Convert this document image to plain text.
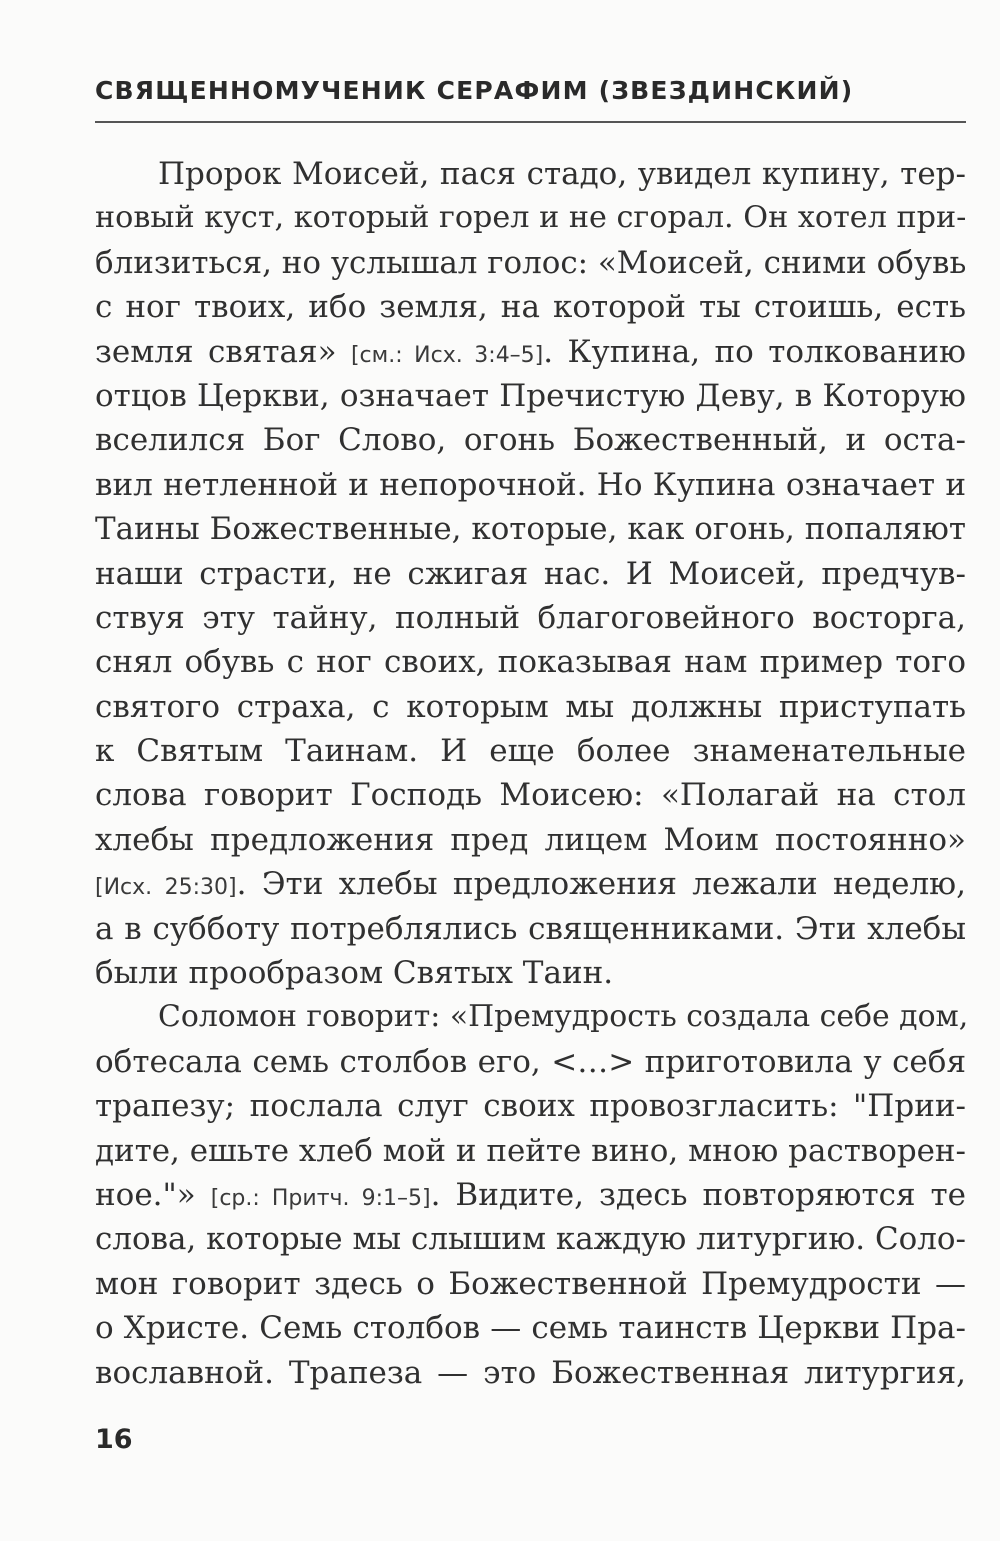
СВЯЩЕННОМУЧЕНИК СЕРАФИМ (ЗВЕЗДИНСКИЙ)
Пророк Моисей, пася стадо, увидел купину, тер-
новый куст, который горел и не сгорал. Он хотел при-
близиться, но услышал голос: «Моисей, сними обувь
с ног твоих, ибо земля, на которой ты стоишь, есть
земля святая» [см.: Исх. 3:4–5]. Купина, по толкованию
отцов Церкви, означает Пречистую Деву, в Которую
вселился Бог Слово, огонь Божественный, и оста-
вил нетленной и непорочной. Но Купина означает и
Таины Божественные, которые, как огонь, попаляют
наши страсти, не сжигая нас. И Моисей, предчув-
ствуя эту тайну, полный благоговейного восторга,
снял обувь с ног своих, показывая нам пример того
святого страха, с которым мы должны приступать
к Святым Таинам. И еще более знаменательные
слова говорит Господь Моисею: «Полагай на стол
хлебы предложения пред лицем Моим постоянно»
[Исх. 25:30]. Эти хлебы предложения лежали неделю,
а в субботу потреблялись священниками. Эти хлебы
были прообразом Святых Таин.
Соломон говорит: «Премудрость создала себе дом,
обтесала семь столбов его, <…> приготовила у себя
трапезу; послала слуг своих провозгласить: "Прии-
дите, ешьте хлеб мой и пейте вино, мною растворен-
ное."» [ср.: Притч. 9:1–5]. Видите, здесь повторяются те
слова, которые мы слышим каждую литургию. Соло-
мон говорит здесь о Божественной Премудрости —
о Христе. Семь столбов — семь таинств Церкви Пра-
вославной. Трапеза — это Божественная литургия,
16
